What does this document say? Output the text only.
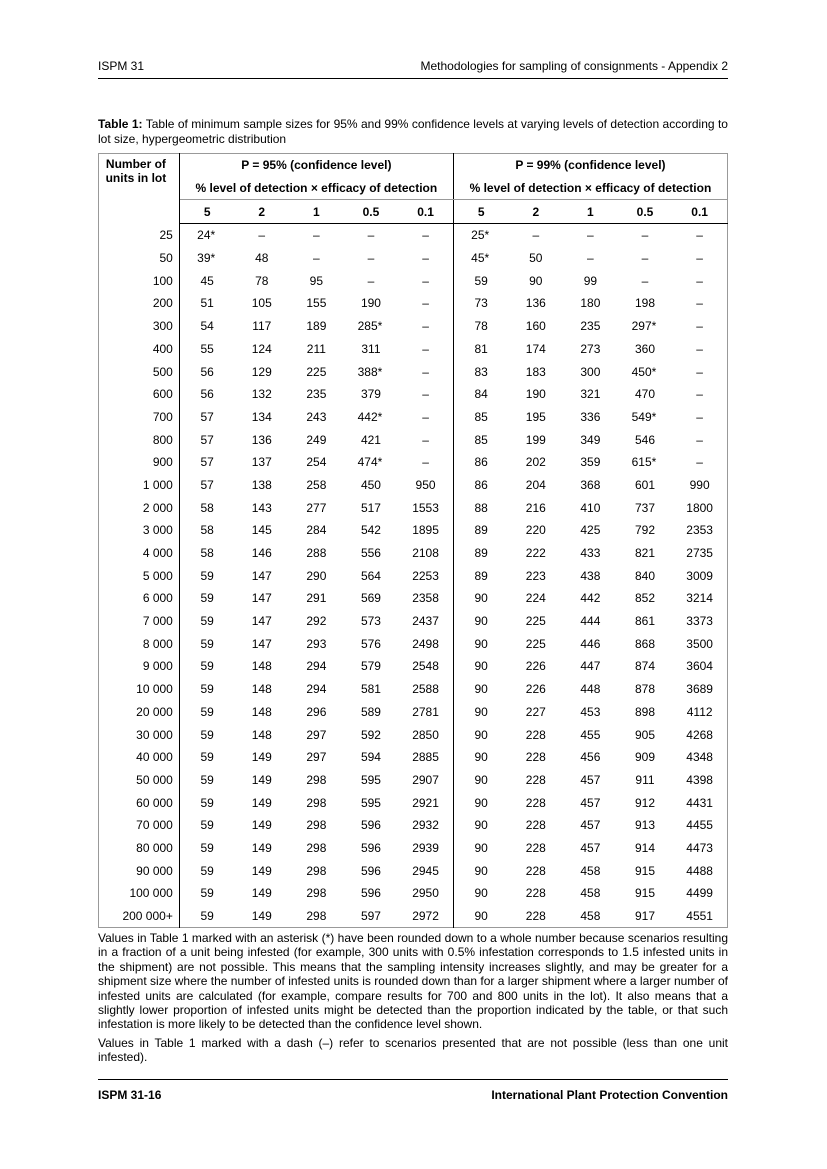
ISPM 31	Methodologies for sampling of consignments - Appendix 2
Table 1: Table of minimum sample sizes for 95% and 99% confidence levels at varying levels of detection according to lot size, hypergeometric distribution
Number of units in lot	P = 95% (confidence level)					P = 99% (confidence level)				
	% level of detection × efficacy of detection					% level of detection × efficacy of detection				
	5	2	1	0.5	0.1	5	2	1	0.5	0.1
25	24*	–	–	–	–	25*	–	–	–	–
50	39*	48	–	–	–	45*	50	–	–	–
100	45	78	95	–	–	59	90	99	–	–
200	51	105	155	190	–	73	136	180	198	–
300	54	117	189	285*	–	78	160	235	297*	–
400	55	124	211	311	–	81	174	273	360	–
500	56	129	225	388*	–	83	183	300	450*	–
600	56	132	235	379	–	84	190	321	470	–
700	57	134	243	442*	–	85	195	336	549*	–
800	57	136	249	421	–	85	199	349	546	–
900	57	137	254	474*	–	86	202	359	615*	–
1 000	57	138	258	450	950	86	204	368	601	990
2 000	58	143	277	517	1553	88	216	410	737	1800
3 000	58	145	284	542	1895	89	220	425	792	2353
4 000	58	146	288	556	2108	89	222	433	821	2735
5 000	59	147	290	564	2253	89	223	438	840	3009
6 000	59	147	291	569	2358	90	224	442	852	3214
7 000	59	147	292	573	2437	90	225	444	861	3373
8 000	59	147	293	576	2498	90	225	446	868	3500
9 000	59	148	294	579	2548	90	226	447	874	3604
10 000	59	148	294	581	2588	90	226	448	878	3689
20 000	59	148	296	589	2781	90	227	453	898	4112
30 000	59	148	297	592	2850	90	228	455	905	4268
40 000	59	149	297	594	2885	90	228	456	909	4348
50 000	59	149	298	595	2907	90	228	457	911	4398
60 000	59	149	298	595	2921	90	228	457	912	4431
70 000	59	149	298	596	2932	90	228	457	913	4455
80 000	59	149	298	596	2939	90	228	457	914	4473
90 000	59	149	298	596	2945	90	228	458	915	4488
100 000	59	149	298	596	2950	90	228	458	915	4499
200 000+	59	149	298	597	2972	90	228	458	917	4551

Values in Table 1 marked with an asterisk (*) have been rounded down to a whole number because scenarios resulting in a fraction of a unit being infested (for example, 300 units with 0.5% infestation corresponds to 1.5 infested units in the shipment) are not possible. This means that the sampling intensity increases slightly, and may be greater for a shipment size where the number of infested units is rounded down than for a larger shipment where a larger number of infested units are calculated (for example, compare results for 700 and 800 units in the lot). It also means that a slightly lower proportion of infested units might be detected than the proportion indicated by the table, or that such infestation is more likely to be detected than the confidence level shown.

Values in Table 1 marked with a dash (–) refer to scenarios presented that are not possible (less than one unit infested).

ISPM 31-16	International Plant Protection Convention
